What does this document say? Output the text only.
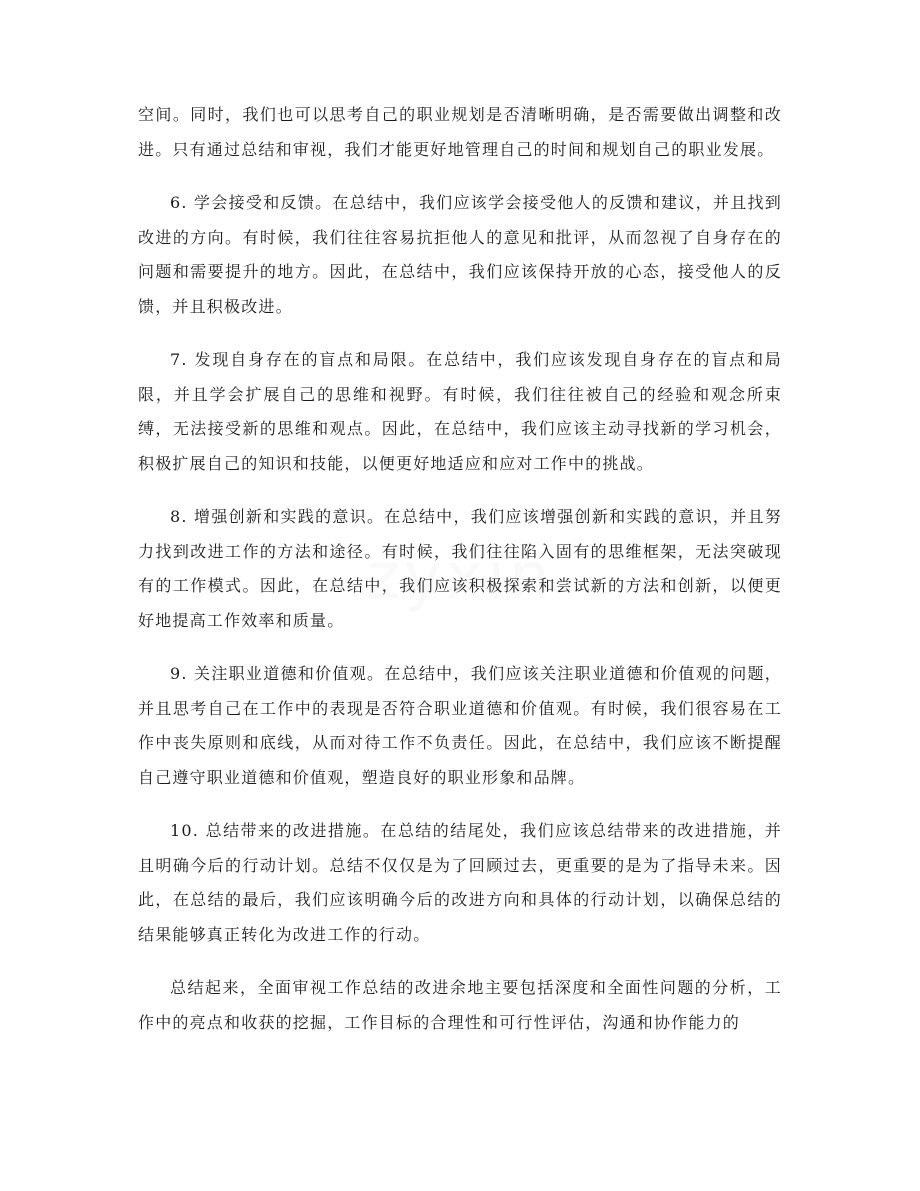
zyxin

空间。同时，我们也可以思考自己的职业规划是否清晰明确，是否需要做出调整和改进。只有通过总结和审视，我们才能更好地管理自己的时间和规划自己的职业发展。

6. 学会接受和反馈。在总结中，我们应该学会接受他人的反馈和建议，并且找到改进的方向。有时候，我们往往容易抗拒他人的意见和批评，从而忽视了自身存在的问题和需要提升的地方。因此，在总结中，我们应该保持开放的心态，接受他人的反馈，并且积极改进。

7. 发现自身存在的盲点和局限。在总结中，我们应该发现自身存在的盲点和局限，并且学会扩展自己的思维和视野。有时候，我们往往被自己的经验和观念所束缚，无法接受新的思维和观点。因此，在总结中，我们应该主动寻找新的学习机会，积极扩展自己的知识和技能，以便更好地适应和应对工作中的挑战。

8. 增强创新和实践的意识。在总结中，我们应该增强创新和实践的意识，并且努力找到改进工作的方法和途径。有时候，我们往往陷入固有的思维框架，无法突破现有的工作模式。因此，在总结中，我们应该积极探索和尝试新的方法和创新，以便更好地提高工作效率和质量。

9. 关注职业道德和价值观。在总结中，我们应该关注职业道德和价值观的问题，并且思考自己在工作中的表现是否符合职业道德和价值观。有时候，我们很容易在工作中丧失原则和底线，从而对待工作不负责任。因此，在总结中，我们应该不断提醒自己遵守职业道德和价值观，塑造良好的职业形象和品牌。

10. 总结带来的改进措施。在总结的结尾处，我们应该总结带来的改进措施，并且明确今后的行动计划。总结不仅仅是为了回顾过去，更重要的是为了指导未来。因此，在总结的最后，我们应该明确今后的改进方向和具体的行动计划，以确保总结的结果能够真正转化为改进工作的行动。

总结起来，全面审视工作总结的改进余地主要包括深度和全面性问题的分析，工作中的亮点和收获的挖掘，工作目标的合理性和可行性评估，沟通和协作能力的
